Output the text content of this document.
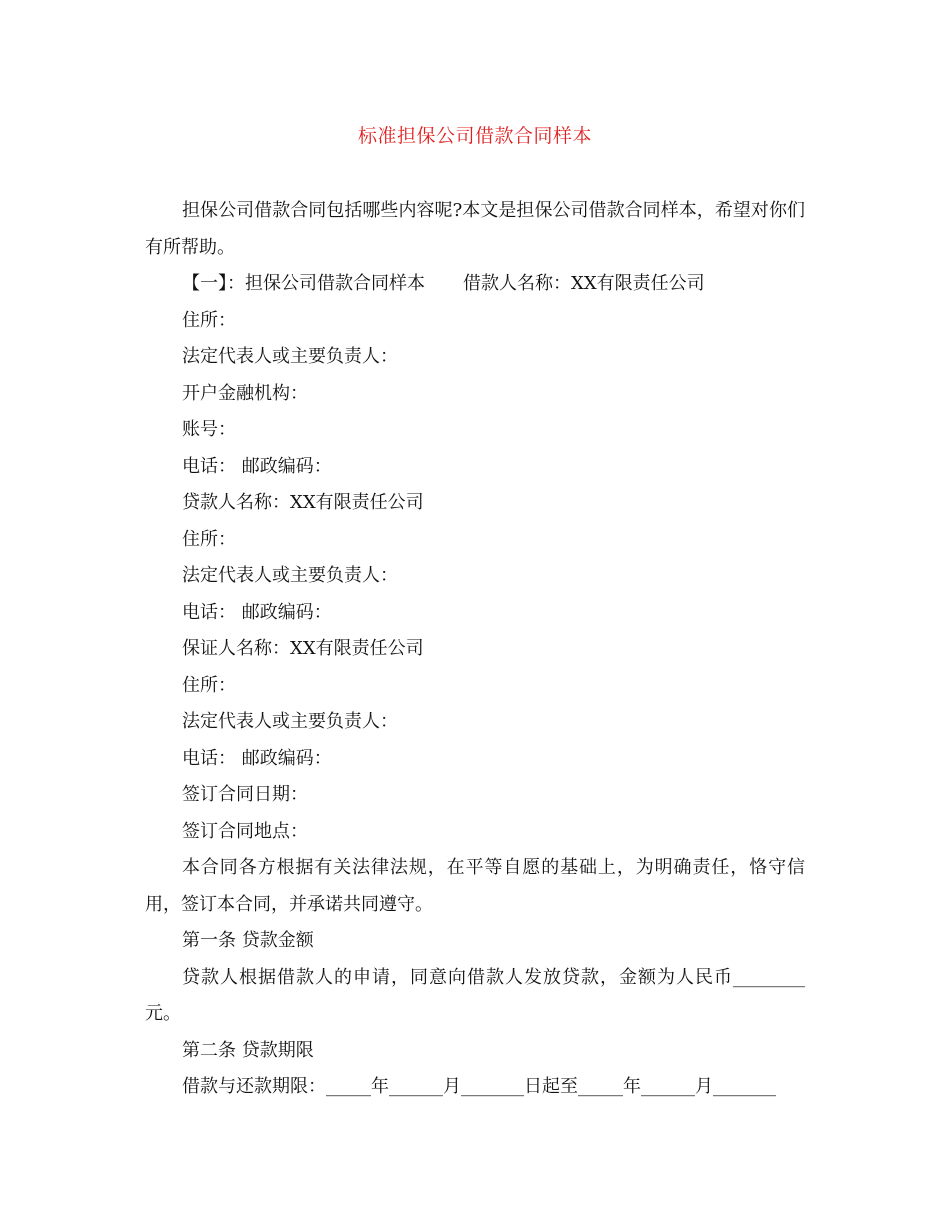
标准担保公司借款合同样本

担保公司借款合同包括哪些内容呢?本文是担保公司借款合同样本，希望对你们有所帮助。

【一】：担保公司借款合同样本 借款人名称：XX有限责任公司

住所：

法定代表人或主要负责人：

开户金融机构：

账号：

电话： 邮政编码：

贷款人名称：XX有限责任公司

住所：

法定代表人或主要负责人：

电话： 邮政编码：

保证人名称：XX有限责任公司

住所：

法定代表人或主要负责人：

电话： 邮政编码：

签订合同日期：

签订合同地点：

本合同各方根据有关法律法规，在平等自愿的基础上，为明确责任，恪守信用，签订本合同，并承诺共同遵守。

第一条 贷款金额

贷款人根据借款人的申请，同意向借款人发放贷款，金额为人民币________元。

第二条 贷款期限

借款与还款期限：_____年______月_______日起至_____年______月_______
